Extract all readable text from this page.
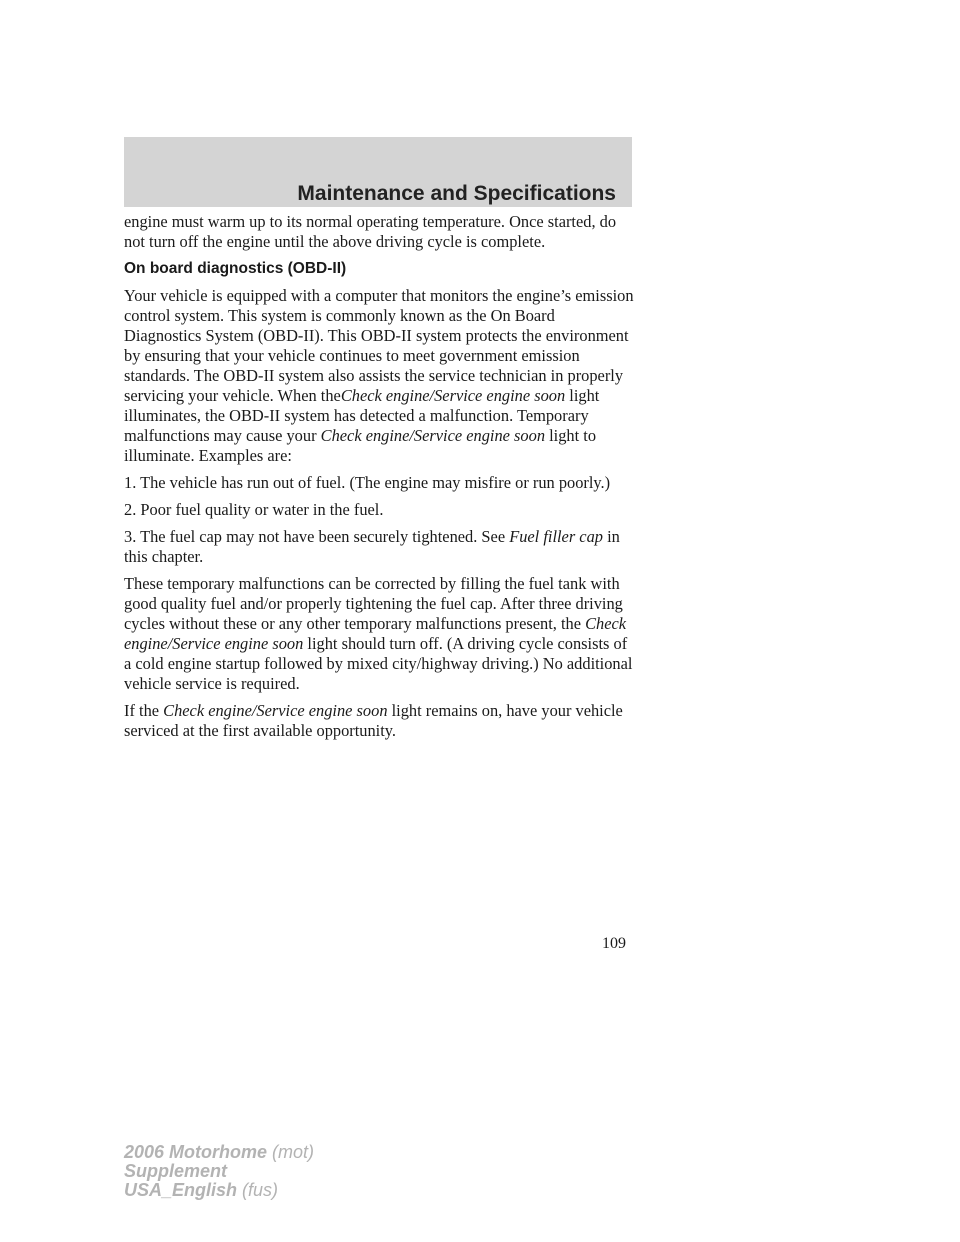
Maintenance and Specifications

engine must warm up to its normal operating temperature. Once started, do not turn off the engine until the above driving cycle is complete.

On board diagnostics (OBD-II)

Your vehicle is equipped with a computer that monitors the engine’s emission control system. This system is commonly known as the On Board Diagnostics System (OBD-II). This OBD-II system protects the environment by ensuring that your vehicle continues to meet government emission standards. The OBD-II system also assists the service technician in properly servicing your vehicle. When theCheck engine/Service engine soon light illuminates, the OBD-II system has detected a malfunction. Temporary malfunctions may cause your Check engine/Service engine soon light to illuminate. Examples are:

1. The vehicle has run out of fuel. (The engine may misfire or run poorly.)

2. Poor fuel quality or water in the fuel.

3. The fuel cap may not have been securely tightened. See Fuel filler cap in this chapter.

These temporary malfunctions can be corrected by filling the fuel tank with good quality fuel and/or properly tightening the fuel cap. After three driving cycles without these or any other temporary malfunctions present, the Check engine/Service engine soon light should turn off. (A driving cycle consists of a cold engine startup followed by mixed city/highway driving.) No additional vehicle service is required.

If the Check engine/Service engine soon light remains on, have your vehicle serviced at the first available opportunity.

109
2006 Motorhome (mot)
Supplement
USA_English (fus)
